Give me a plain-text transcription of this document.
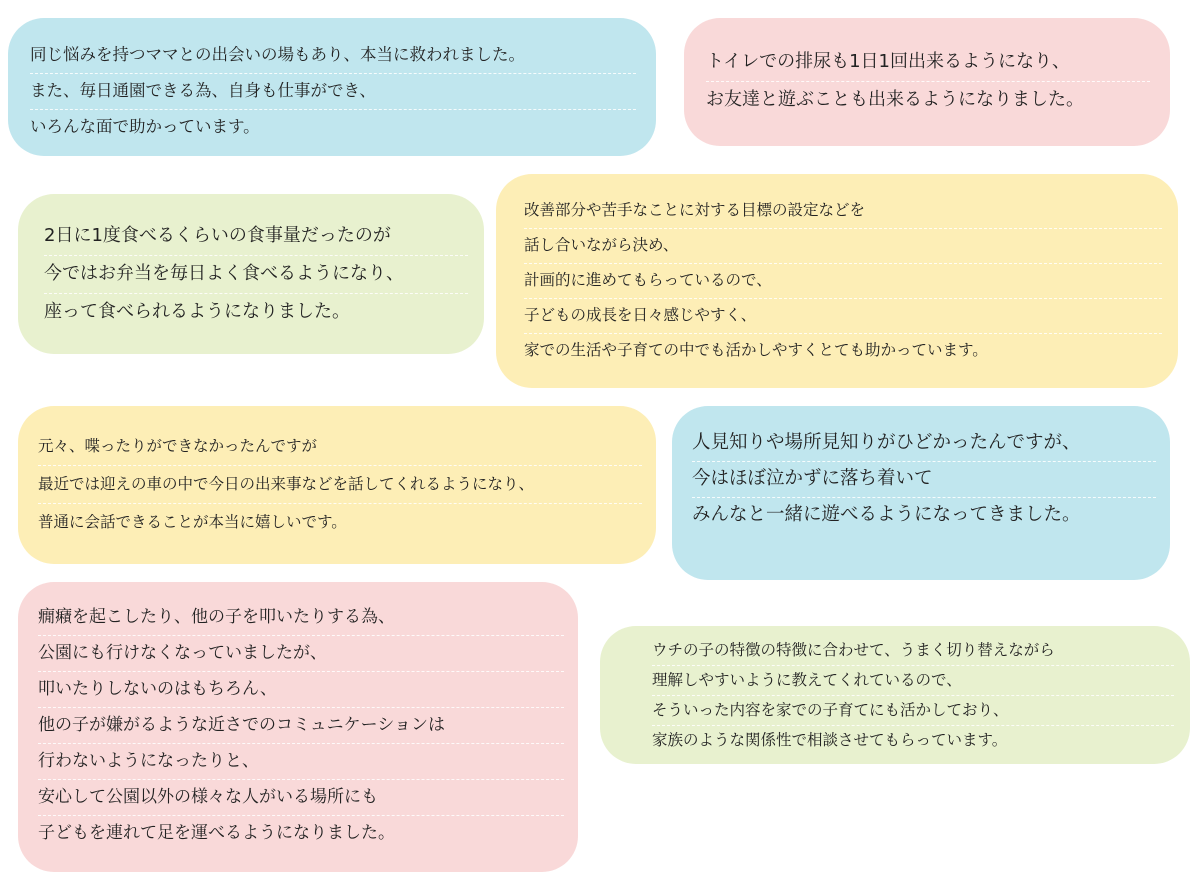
同じ悩みを持つママとの出会いの場もあり、本当に救われました。
また、毎日通園できる為、自身も仕事ができ、
いろんな面で助かっています。
トイレでの排尿も1日1回出来るようになり、
お友達と遊ぶことも出来るようになりました。
2日に1度食べるくらいの食事量だったのが
今ではお弁当を毎日よく食べるようになり、
座って食べられるようになりました。
改善部分や苦手なことに対する目標の設定などを
話し合いながら決め、
計画的に進めてもらっているので、
子どもの成長を日々感じやすく、
家での生活や子育ての中でも活かしやすくとても助かっています。
元々、喋ったりができなかったんですが
最近では迎えの車の中で今日の出来事などを話してくれるようになり、
普通に会話できることが本当に嬉しいです。
人見知りや場所見知りがひどかったんですが、
今はほぼ泣かずに落ち着いて
みんなと一緒に遊べるようになってきました。
癇癪を起こしたり、他の子を叩いたりする為、
公園にも行けなくなっていましたが、
叩いたりしないのはもちろん、
他の子が嫌がるような近さでのコミュニケーションは
行わないようになったりと、
安心して公園以外の様々な人がいる場所にも
子どもを連れて足を運べるようになりました。
ウチの子の特徴の特徴に合わせて、うまく切り替えながら
理解しやすいように教えてくれているので、
そういった内容を家での子育てにも活かしており、
家族のような関係性で相談させてもらっています。
